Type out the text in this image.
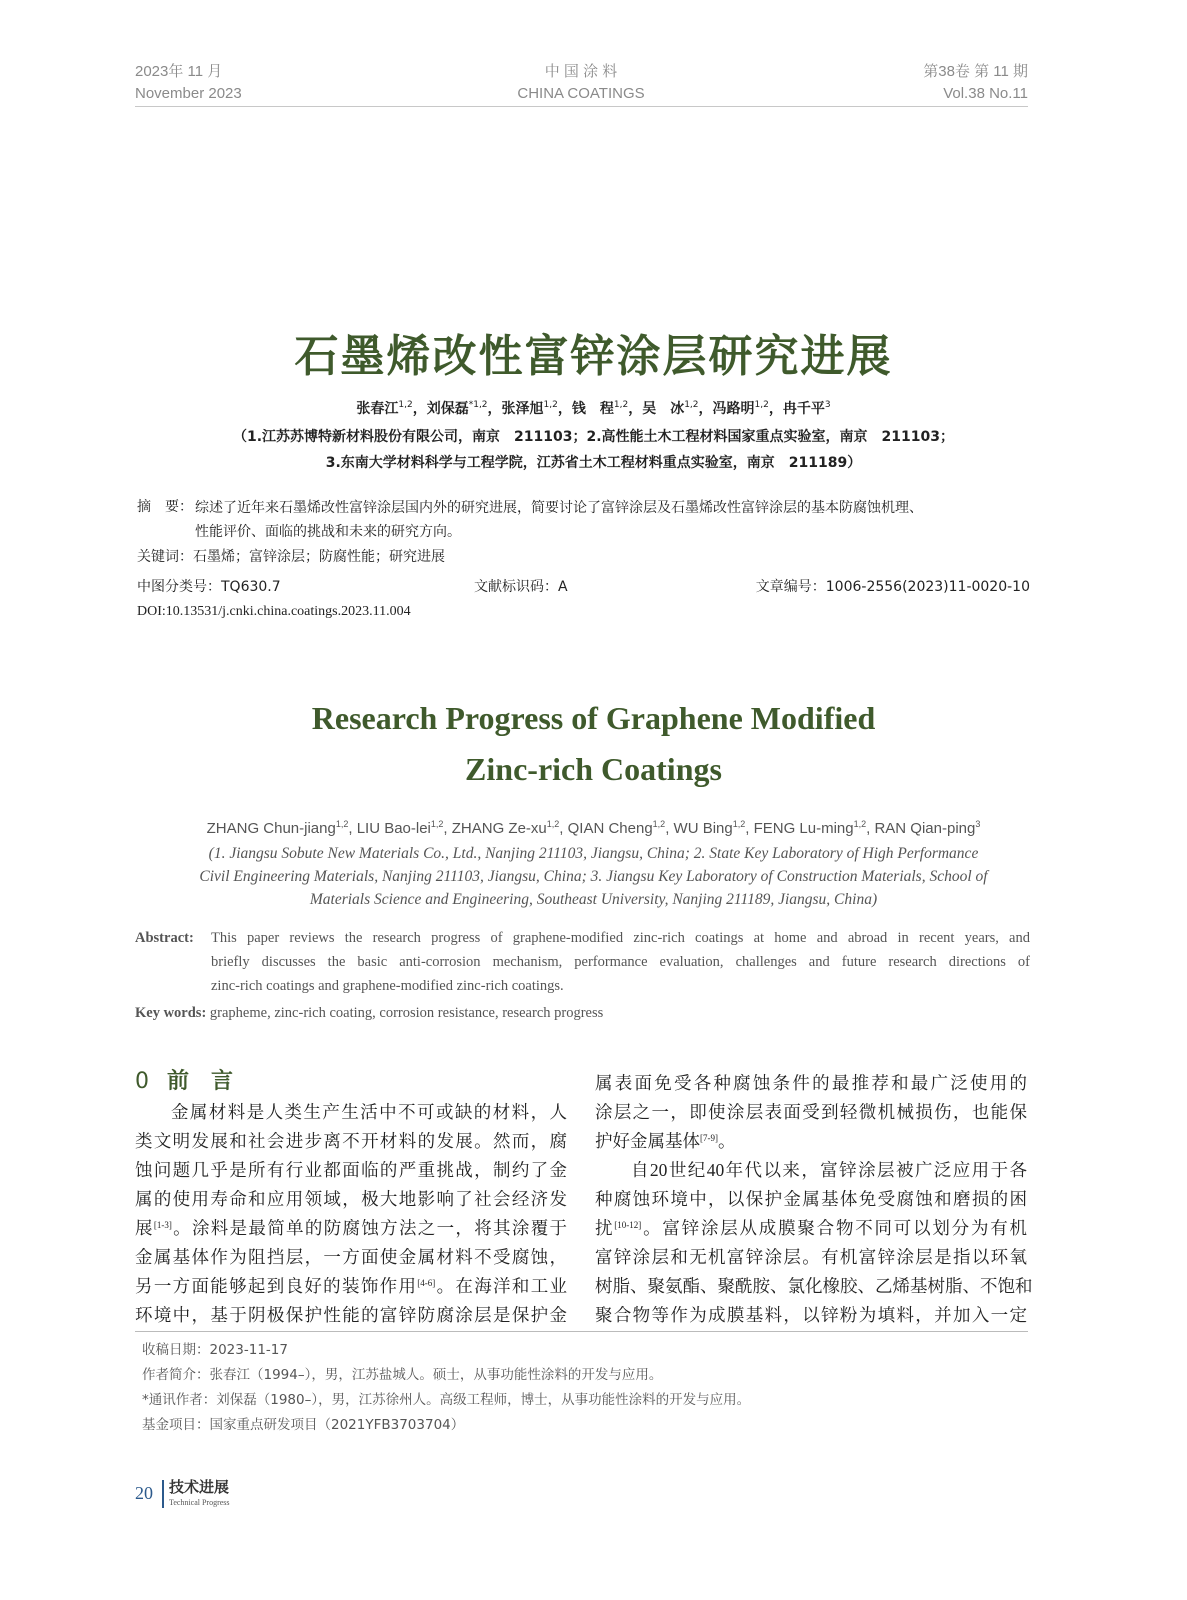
2023年 11 月
November 2023
中 国 涂 料
CHINA COATINGS
第38卷 第 11 期
Vol.38 No.11
石墨烯改性富锌涂层研究进展
张春江$^{1,2}$，刘保磊$^{*1,2}$，张泽旭$^{1,2}$，钱　程$^{1,2}$，吴　冰$^{1,2}$，冯路明$^{1,2}$，冉千平$^3$
（1.江苏苏博特新材料股份有限公司，南京　211103；2.高性能土木工程材料国家重点实验室，南京　211103；
3.东南大学材料科学与工程学院，江苏省土木工程材料重点实验室，南京　211189）
摘　要： 综述了近年来石墨烯改性富锌涂层国内外的研究进展，简要讨论了富锌涂层及石墨烯改性富锌涂层的基本防腐蚀机理、
性能评价、面临的挑战和未来的研究方向。
关键词：石墨烯；富锌涂层；防腐性能；研究进展
中图分类号：TQ630.7	文献标识码：A	文章编号：1006-2556(2023)11-0020-10
DOI:10.13531/j.cnki.china.coatings.2023.11.004
Research Progress of Graphene Modified
Zinc-rich Coatings
ZHANG Chun-jiang$^{1,2}$, LIU Bao-lei$^{1,2}$, ZHANG Ze-xu$^{1,2}$, QIAN Cheng$^{1,2}$, WU Bing$^{1,2}$, FENG Lu-ming$^{1,2}$, RAN Qian-ping$^3$
(1. Jiangsu Sobute New Materials Co., Ltd., Nanjing 211103, Jiangsu, China; 2. State Key Laboratory of High Performance
Civil Engineering Materials, Nanjing 211103, Jiangsu, China; 3. Jiangsu Key Laboratory of Construction Materials, School of
Materials Science and Engineering, Southeast University, Nanjing 211189, Jiangsu, China)
Abstract:	This paper reviews the research progress of graphene-modified zinc-rich coatings at home and abroad in recent years, and
briefly discusses the basic anti-corrosion mechanism, performance evaluation, challenges and future research directions of
zinc-rich coatings and graphene-modified zinc-rich coatings.
Key words: grapheme, zinc-rich coating, corrosion resistance, research progress
0 前　言
金属材料是人类生产生活中不可或缺的材料，人
类文明发展和社会进步离不开材料的发展。然而，腐
蚀问题几乎是所有行业都面临的严重挑战，制约了金
属的使用寿命和应用领域，极大地影响了社会经济发
展[1-3]。涂料是最简单的防腐蚀方法之一，将其涂覆于
金属基体作为阻挡层，一方面使金属材料不受腐蚀，
另一方面能够起到良好的装饰作用[4-6]。在海洋和工业
环境中，基于阴极保护性能的富锌防腐涂层是保护金
属表面免受各种腐蚀条件的最推荐和最广泛使用的
涂层之一，即使涂层表面受到轻微机械损伤，也能保
护好金属基体[7-9]。
自20世纪40年代以来，富锌涂层被广泛应用于各
种腐蚀环境中，以保护金属基体免受腐蚀和磨损的困
扰[10-12]。富锌涂层从成膜聚合物不同可以划分为有机
富锌涂层和无机富锌涂层。有机富锌涂层是指以环氧
树脂、聚氨酯、聚酰胺、氯化橡胶、乙烯基树脂、不饱和
聚合物等作为成膜基料，以锌粉为填料，并加入一定
收稿日期：2023-11-17
作者简介：张春江（1994–），男，江苏盐城人。硕士，从事功能性涂料的开发与应用。
*通讯作者：刘保磊（1980–），男，江苏徐州人。高级工程师，博士，从事功能性涂料的开发与应用。
基金项目：国家重点研发项目（2021YFB3703704）
20 技术进展
Technical Progress
